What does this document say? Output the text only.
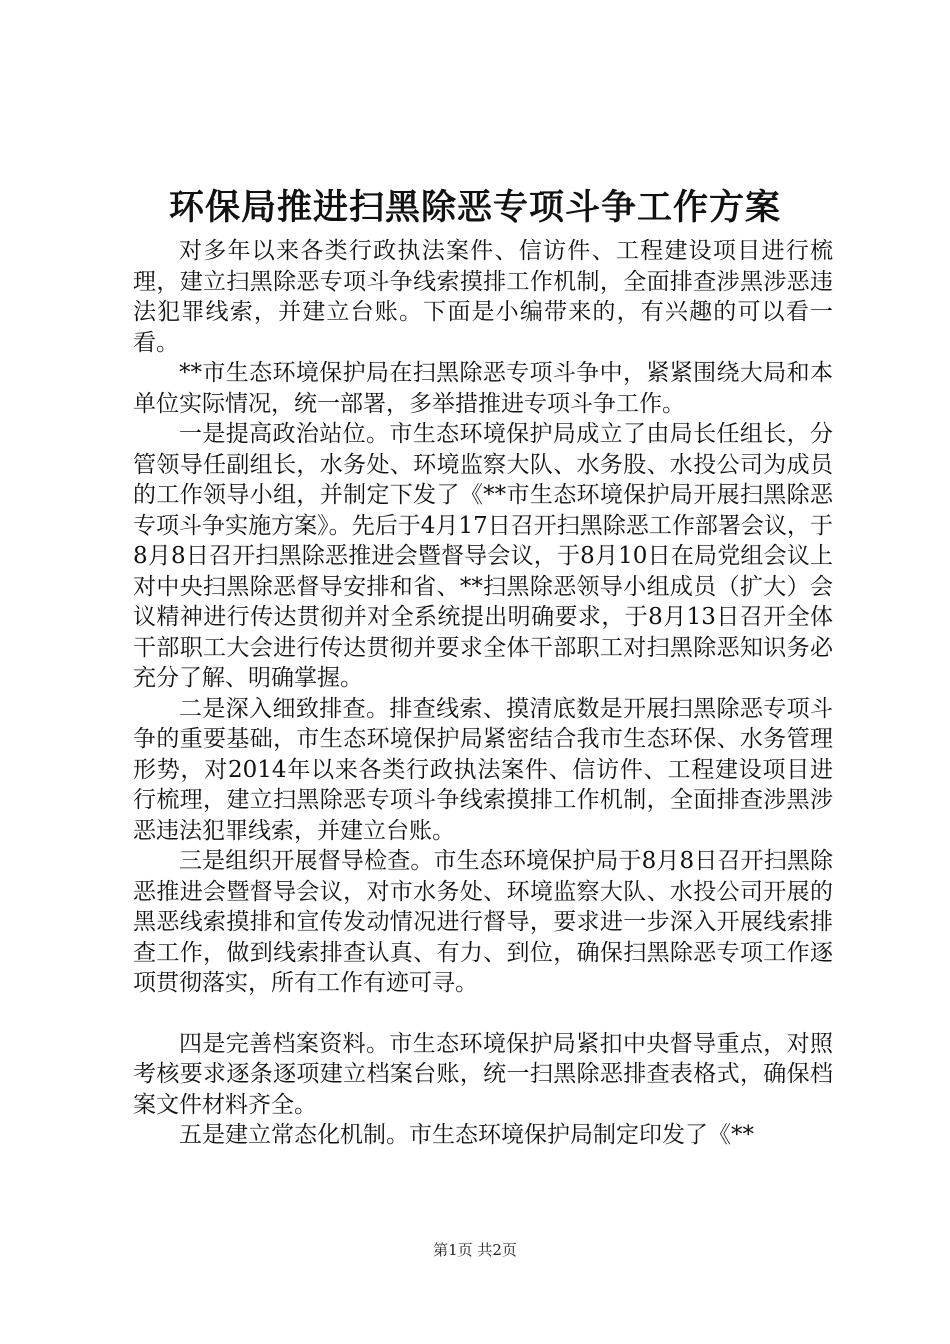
环保局推进扫黑除恶专项斗争工作方案

对多年以来各类行政执法案件、信访件、工程建设项目进行梳理，建立扫黑除恶专项斗争线索摸排工作机制，全面排查涉黑涉恶违法犯罪线索，并建立台账。下面是小编带来的，有兴趣的可以看一看。

**市生态环境保护局在扫黑除恶专项斗争中，紧紧围绕大局和本单位实际情况，统一部署，多举措推进专项斗争工作。

一是提高政治站位。市生态环境保护局成立了由局长任组长，分管领导任副组长，水务处、环境监察大队、水务股、水投公司为成员的工作领导小组，并制定下发了《**市生态环境保护局开展扫黑除恶专项斗争实施方案》。先后于4月17日召开扫黑除恶工作部署会议，于8月8日召开扫黑除恶推进会暨督导会议，于8月10日在局党组会议上对中央扫黑除恶督导安排和省、**扫黑除恶领导小组成员（扩大）会议精神进行传达贯彻并对全系统提出明确要求，于8月13日召开全体干部职工大会进行传达贯彻并要求全体干部职工对扫黑除恶知识务必充分了解、明确掌握。

二是深入细致排查。排查线索、摸清底数是开展扫黑除恶专项斗争的重要基础，市生态环境保护局紧密结合我市生态环保、水务管理形势，对2014年以来各类行政执法案件、信访件、工程建设项目进行梳理，建立扫黑除恶专项斗争线索摸排工作机制，全面排查涉黑涉恶违法犯罪线索，并建立台账。

三是组织开展督导检查。市生态环境保护局于8月8日召开扫黑除恶推进会暨督导会议，对市水务处、环境监察大队、水投公司开展的黑恶线索摸排和宣传发动情况进行督导，要求进一步深入开展线索排查工作，做到线索排查认真、有力、到位，确保扫黑除恶专项工作逐项贯彻落实，所有工作有迹可寻。

四是完善档案资料。市生态环境保护局紧扣中央督导重点，对照考核要求逐条逐项建立档案台账，统一扫黑除恶排查表格式，确保档案文件材料齐全。

五是建立常态化机制。市生态环境保护局制定印发了《**

第1页 共2页
